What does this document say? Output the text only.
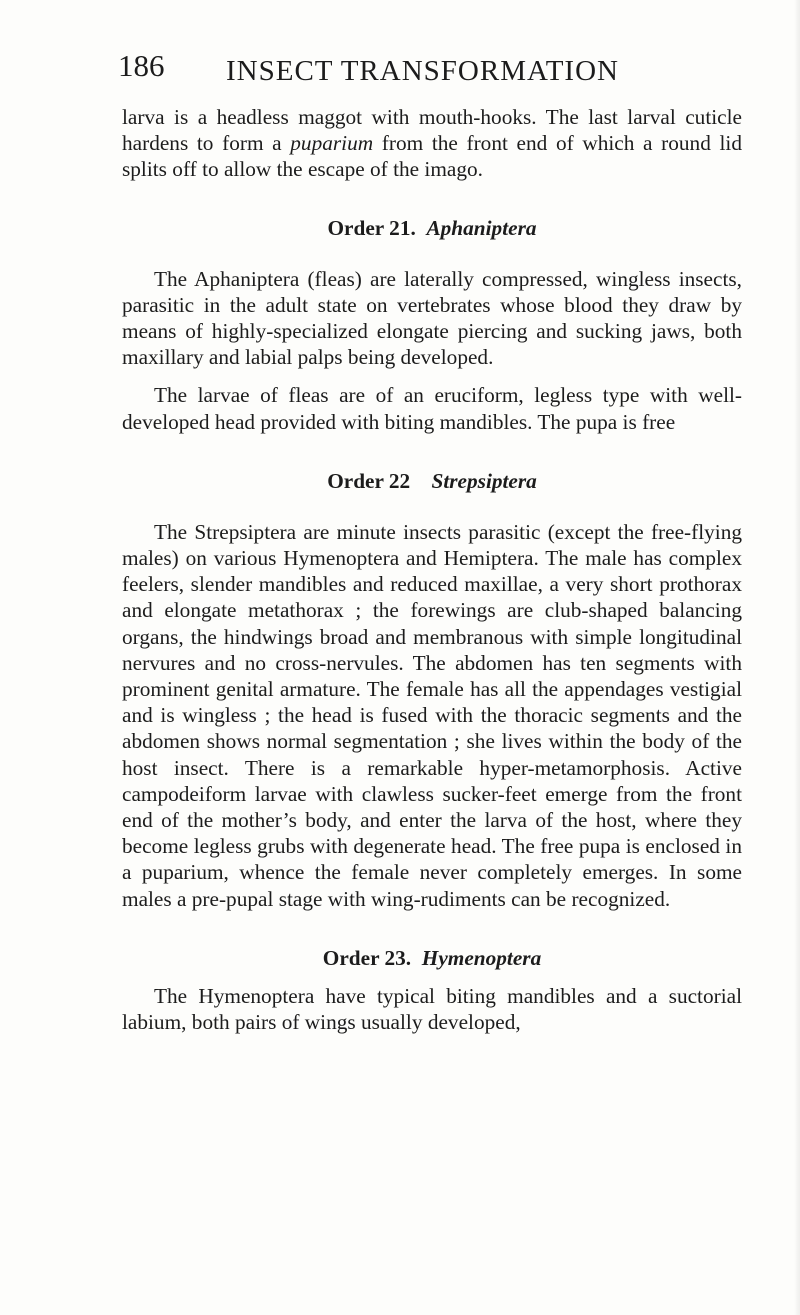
186 INSECT TRANSFORMATION

larva is a headless maggot with mouth-hooks. The last larval cuticle hardens to form a puparium from the front end of which a round lid splits off to allow the escape of the imago.

Order 21. Aphaniptera

The Aphaniptera (fleas) are laterally compressed, wingless insects, parasitic in the adult state on vertebrates whose blood they draw by means of highly-specialized elongate piercing and sucking jaws, both maxillary and labial palps being developed.

The larvae of fleas are of an eruciform, legless type with well-developed head provided with biting mandibles. The pupa is free

Order 22 Strepsiptera

The Strepsiptera are minute insects parasitic (except the free-flying males) on various Hymenoptera and Hemiptera. The male has complex feelers, slender mandibles and reduced maxillae, a very short prothorax and elongate metathorax ; the forewings are club-shaped balancing organs, the hindwings broad and membranous with simple longitudinal nervures and no cross-nervules. The abdomen has ten segments with prominent genital armature. The female has all the appendages vestigial and is wingless ; the head is fused with the thoracic segments and the abdomen shows normal segmentation ; she lives within the body of the host insect. There is a remarkable hyper-metamorphosis. Active campodeiform larvae with clawless sucker-feet emerge from the front end of the mother’s body, and enter the larva of the host, where they become legless grubs with degenerate head. The free pupa is enclosed in a puparium, whence the female never completely emerges. In some males a pre-pupal stage with wing-rudiments can be recognized.

Order 23. Hymenoptera

The Hymenoptera have typical biting mandibles and a suctorial labium, both pairs of wings usually developed,
